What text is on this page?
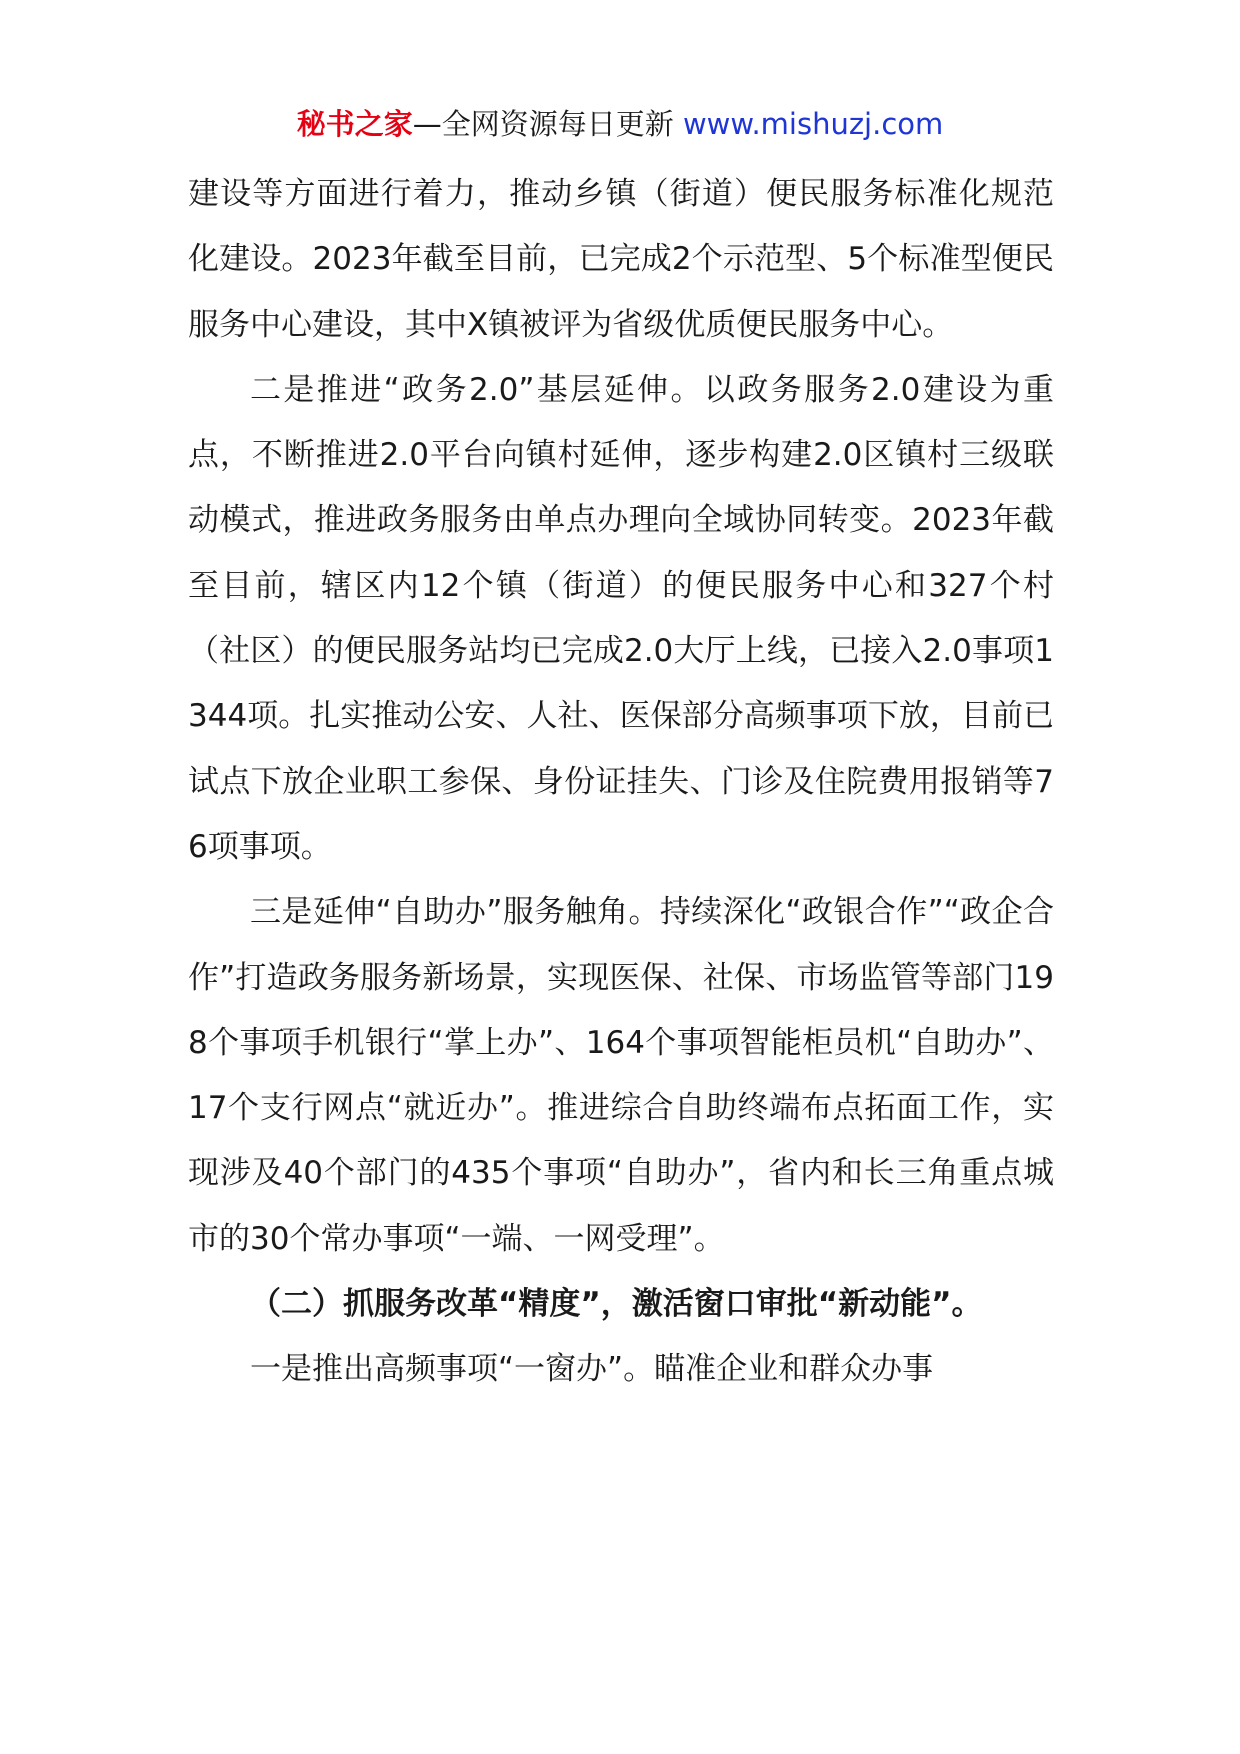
秘书之家—全网资源每日更新 www.mishuzj.com

建设等方面进行着力，推动乡镇（街道）便民服务标准化规范化建设。2023年截至目前，已完成2个示范型、5个标准型便民服务中心建设，其中X镇被评为省级优质便民服务中心。

二是推进“政务2.0”基层延伸。以政务服务2.0建设为重点，不断推进2.0平台向镇村延伸，逐步构建2.0区镇村三级联动模式，推进政务服务由单点办理向全域协同转变。2023年截至目前，辖区内12个镇（街道）的便民服务中心和327个村（社区）的便民服务站均已完成2.0大厅上线，已接入2.0事项1344项。扎实推动公安、人社、医保部分高频事项下放，目前已试点下放企业职工参保、身份证挂失、门诊及住院费用报销等76项事项。

三是延伸“自助办”服务触角。持续深化“政银合作”“政企合作”打造政务服务新场景，实现医保、社保、市场监管等部门198个事项手机银行“掌上办”、164个事项智能柜员机“自助办”、17个支行网点“就近办”。推进综合自助终端布点拓面工作，实现涉及40个部门的435个事项“自助办”，省内和长三角重点城市的30个常办事项“一端、一网受理”。

（二）抓服务改革“精度”，激活窗口审批“新动能”。

一是推出高频事项“一窗办”。瞄准企业和群众办事
